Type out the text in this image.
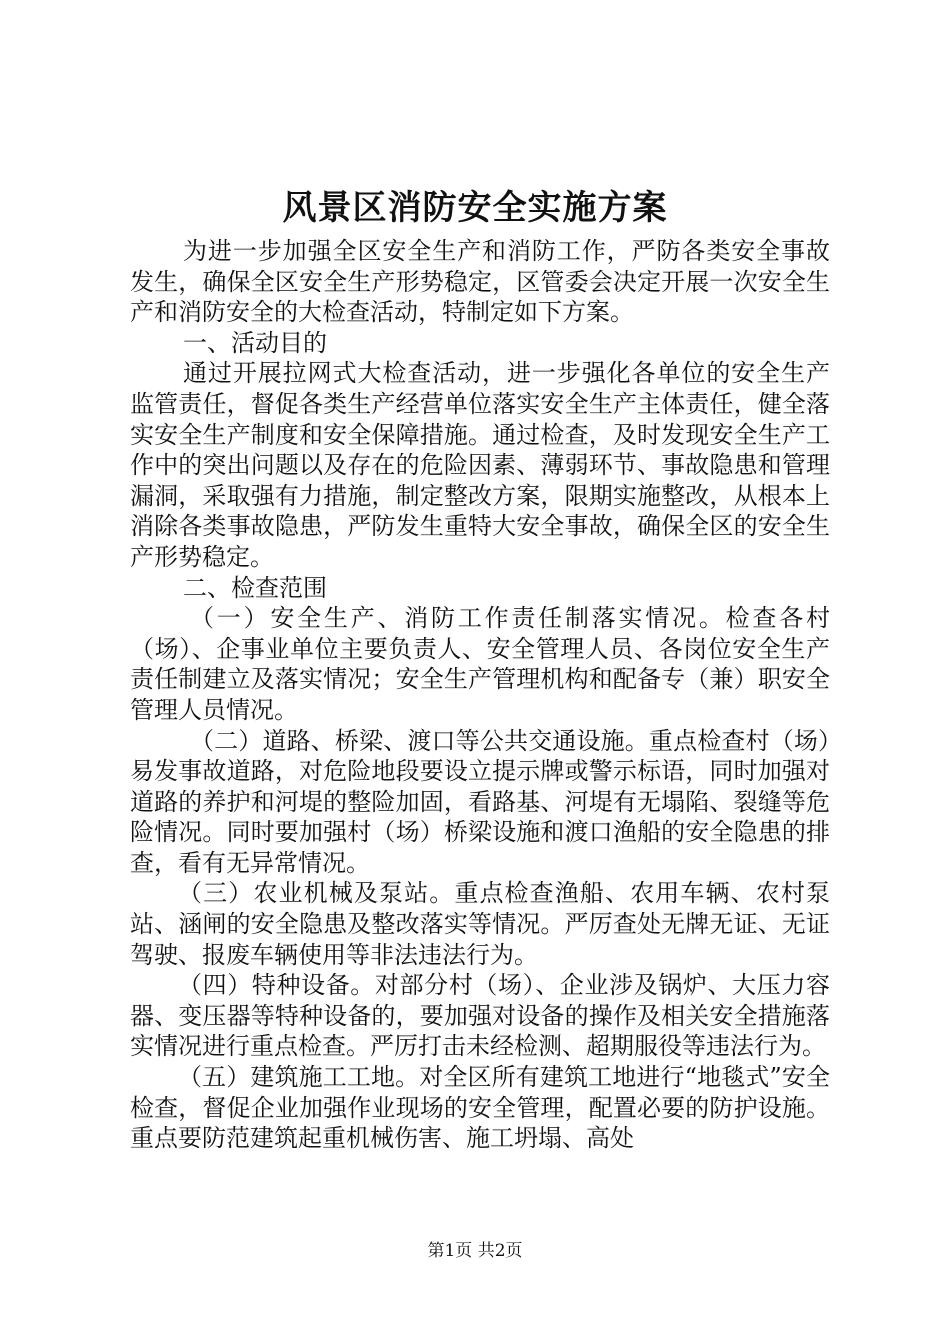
风景区消防安全实施方案

为进一步加强全区安全生产和消防工作，严防各类安全事故发生，确保全区安全生产形势稳定，区管委会决定开展一次安全生产和消防安全的大检查活动，特制定如下方案。

一、活动目的

通过开展拉网式大检查活动，进一步强化各单位的安全生产监管责任，督促各类生产经营单位落实安全生产主体责任，健全落实安全生产制度和安全保障措施。通过检查，及时发现安全生产工作中的突出问题以及存在的危险因素、薄弱环节、事故隐患和管理漏洞，采取强有力措施，制定整改方案，限期实施整改，从根本上消除各类事故隐患，严防发生重特大安全事故，确保全区的安全生产形势稳定。

二、检查范围

（一）安全生产、消防工作责任制落实情况。检查各村（场）、企事业单位主要负责人、安全管理人员、各岗位安全生产责任制建立及落实情况；安全生产管理机构和配备专（兼）职安全管理人员情况。

（二）道路、桥梁、渡口等公共交通设施。重点检查村（场）易发事故道路，对危险地段要设立提示牌或警示标语，同时加强对道路的养护和河堤的整险加固，看路基、河堤有无塌陷、裂缝等危险情况。同时要加强村（场）桥梁设施和渡口渔船的安全隐患的排查，看有无异常情况。

（三）农业机械及泵站。重点检查渔船、农用车辆、农村泵站、涵闸的安全隐患及整改落实等情况。严厉查处无牌无证、无证驾驶、报废车辆使用等非法违法行为。

（四）特种设备。对部分村（场）、企业涉及锅炉、大压力容器、变压器等特种设备的，要加强对设备的操作及相关安全措施落实情况进行重点检查。严厉打击未经检测、超期服役等违法行为。

（五）建筑施工工地。对全区所有建筑工地进行“地毯式”安全检查，督促企业加强作业现场的安全管理，配置必要的防护设施。重点要防范建筑起重机械伤害、施工坍塌、高处

第1页 共2页
